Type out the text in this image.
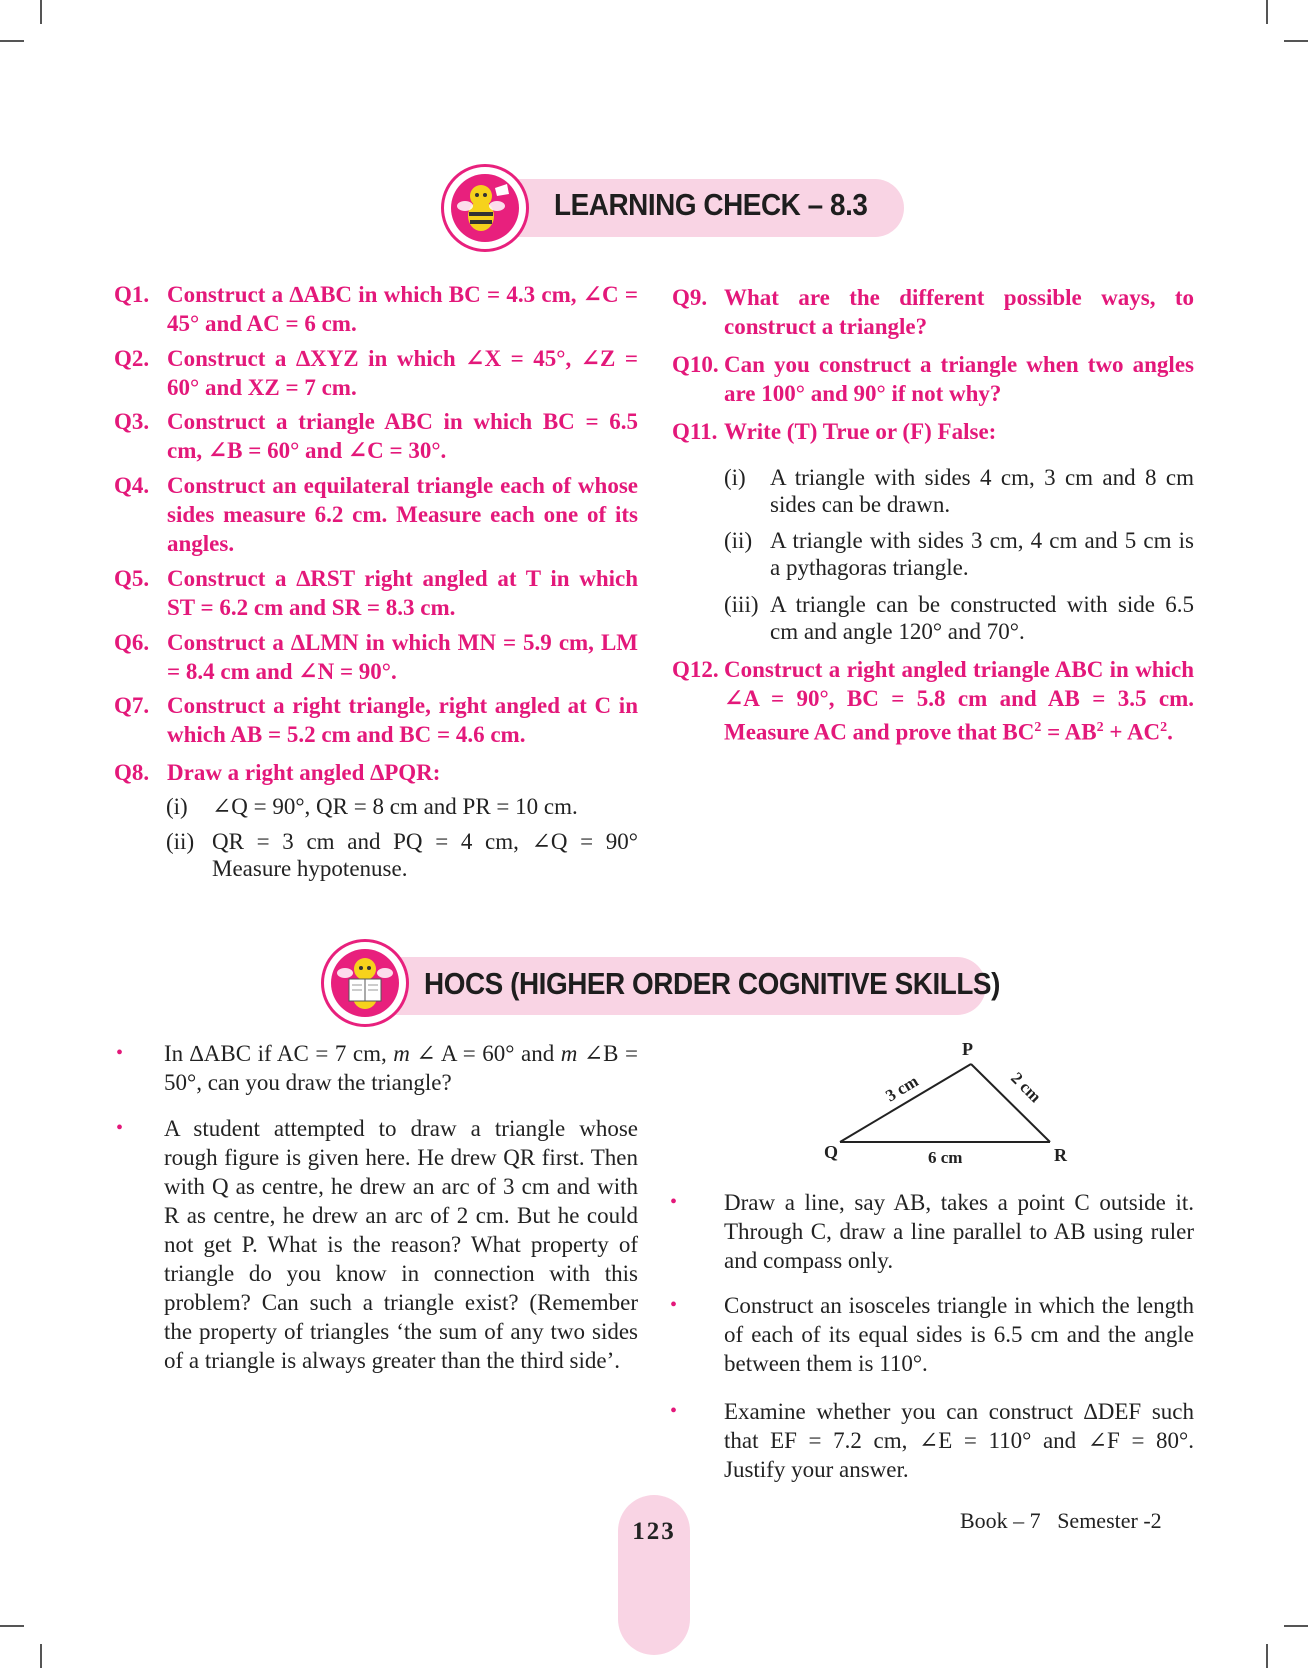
LEARNING CHECK – 8.3
Q1. Construct a ∆ABC in which BC = 4.3 cm, ∠C = 45° and AC = 6 cm.
Q2. Construct a ∆XYZ in which ∠X = 45°, ∠Z = 60° and XZ = 7 cm.
Q3. Construct a triangle ABC in which BC = 6.5 cm, ∠B = 60° and ∠C = 30°.
Q4. Construct an equilateral triangle each of whose sides measure 6.2 cm. Measure each one of its angles.
Q5. Construct a ∆RST right angled at T in which ST = 6.2 cm and SR = 8.3 cm.
Q6. Construct a ∆LMN in which MN = 5.9 cm, LM = 8.4 cm and ∠N = 90°.
Q7. Construct a right triangle, right angled at C in which AB = 5.2 cm and BC = 4.6 cm.
Q8. Draw a right angled ∆PQR:
(i) ∠Q = 90°, QR = 8 cm and PR = 10 cm.
(ii) QR = 3 cm and PQ = 4 cm, ∠Q = 90° Measure hypotenuse.
Q9. What are the different possible ways, to construct a triangle?
Q10. Can you construct a triangle when two angles are 100° and 90° if not why?
Q11. Write (T) True or (F) False:
(i) A triangle with sides 4 cm, 3 cm and 8 cm sides can be drawn.
(ii) A triangle with sides 3 cm, 4 cm and 5 cm is a pythagoras triangle.
(iii) A triangle can be constructed with side 6.5 cm and angle 120° and 70°.
Q12. Construct a right angled triangle ABC in which ∠A = 90°, BC = 5.8 cm and AB = 3.5 cm. Measure AC and prove that $BC^2 = AB^2 + AC^2$.
HOCS (HIGHER ORDER COGNITIVE SKILLS)
• In ∆ABC if AC = 7 cm, m ∠ A = 60° and m ∠B = 50°, can you draw the triangle?
• A student attempted to draw a triangle whose rough figure is given here. He drew QR first. Then with Q as centre, he drew an arc of 3 cm and with R as centre, he drew an arc of 2 cm. But he could not get P. What is the reason? What property of triangle do you know in connection with this problem? Can such a triangle exist? (Remember the property of triangles ‘the sum of any two sides of a triangle is always greater than the third side’.
P
Q	R
6 cm
3 cm	2 cm
• Draw a line, say AB, takes a point C outside it. Through C, draw a line parallel to AB using ruler and compass only.
• Construct an isosceles triangle in which the length of each of its equal sides is 6.5 cm and the angle between them is 110°.
• Examine whether you can construct ∆DEF such that EF = 7.2 cm, ∠E = 110° and ∠F = 80°. Justify your answer.
123	Book – 7 Semester -2
